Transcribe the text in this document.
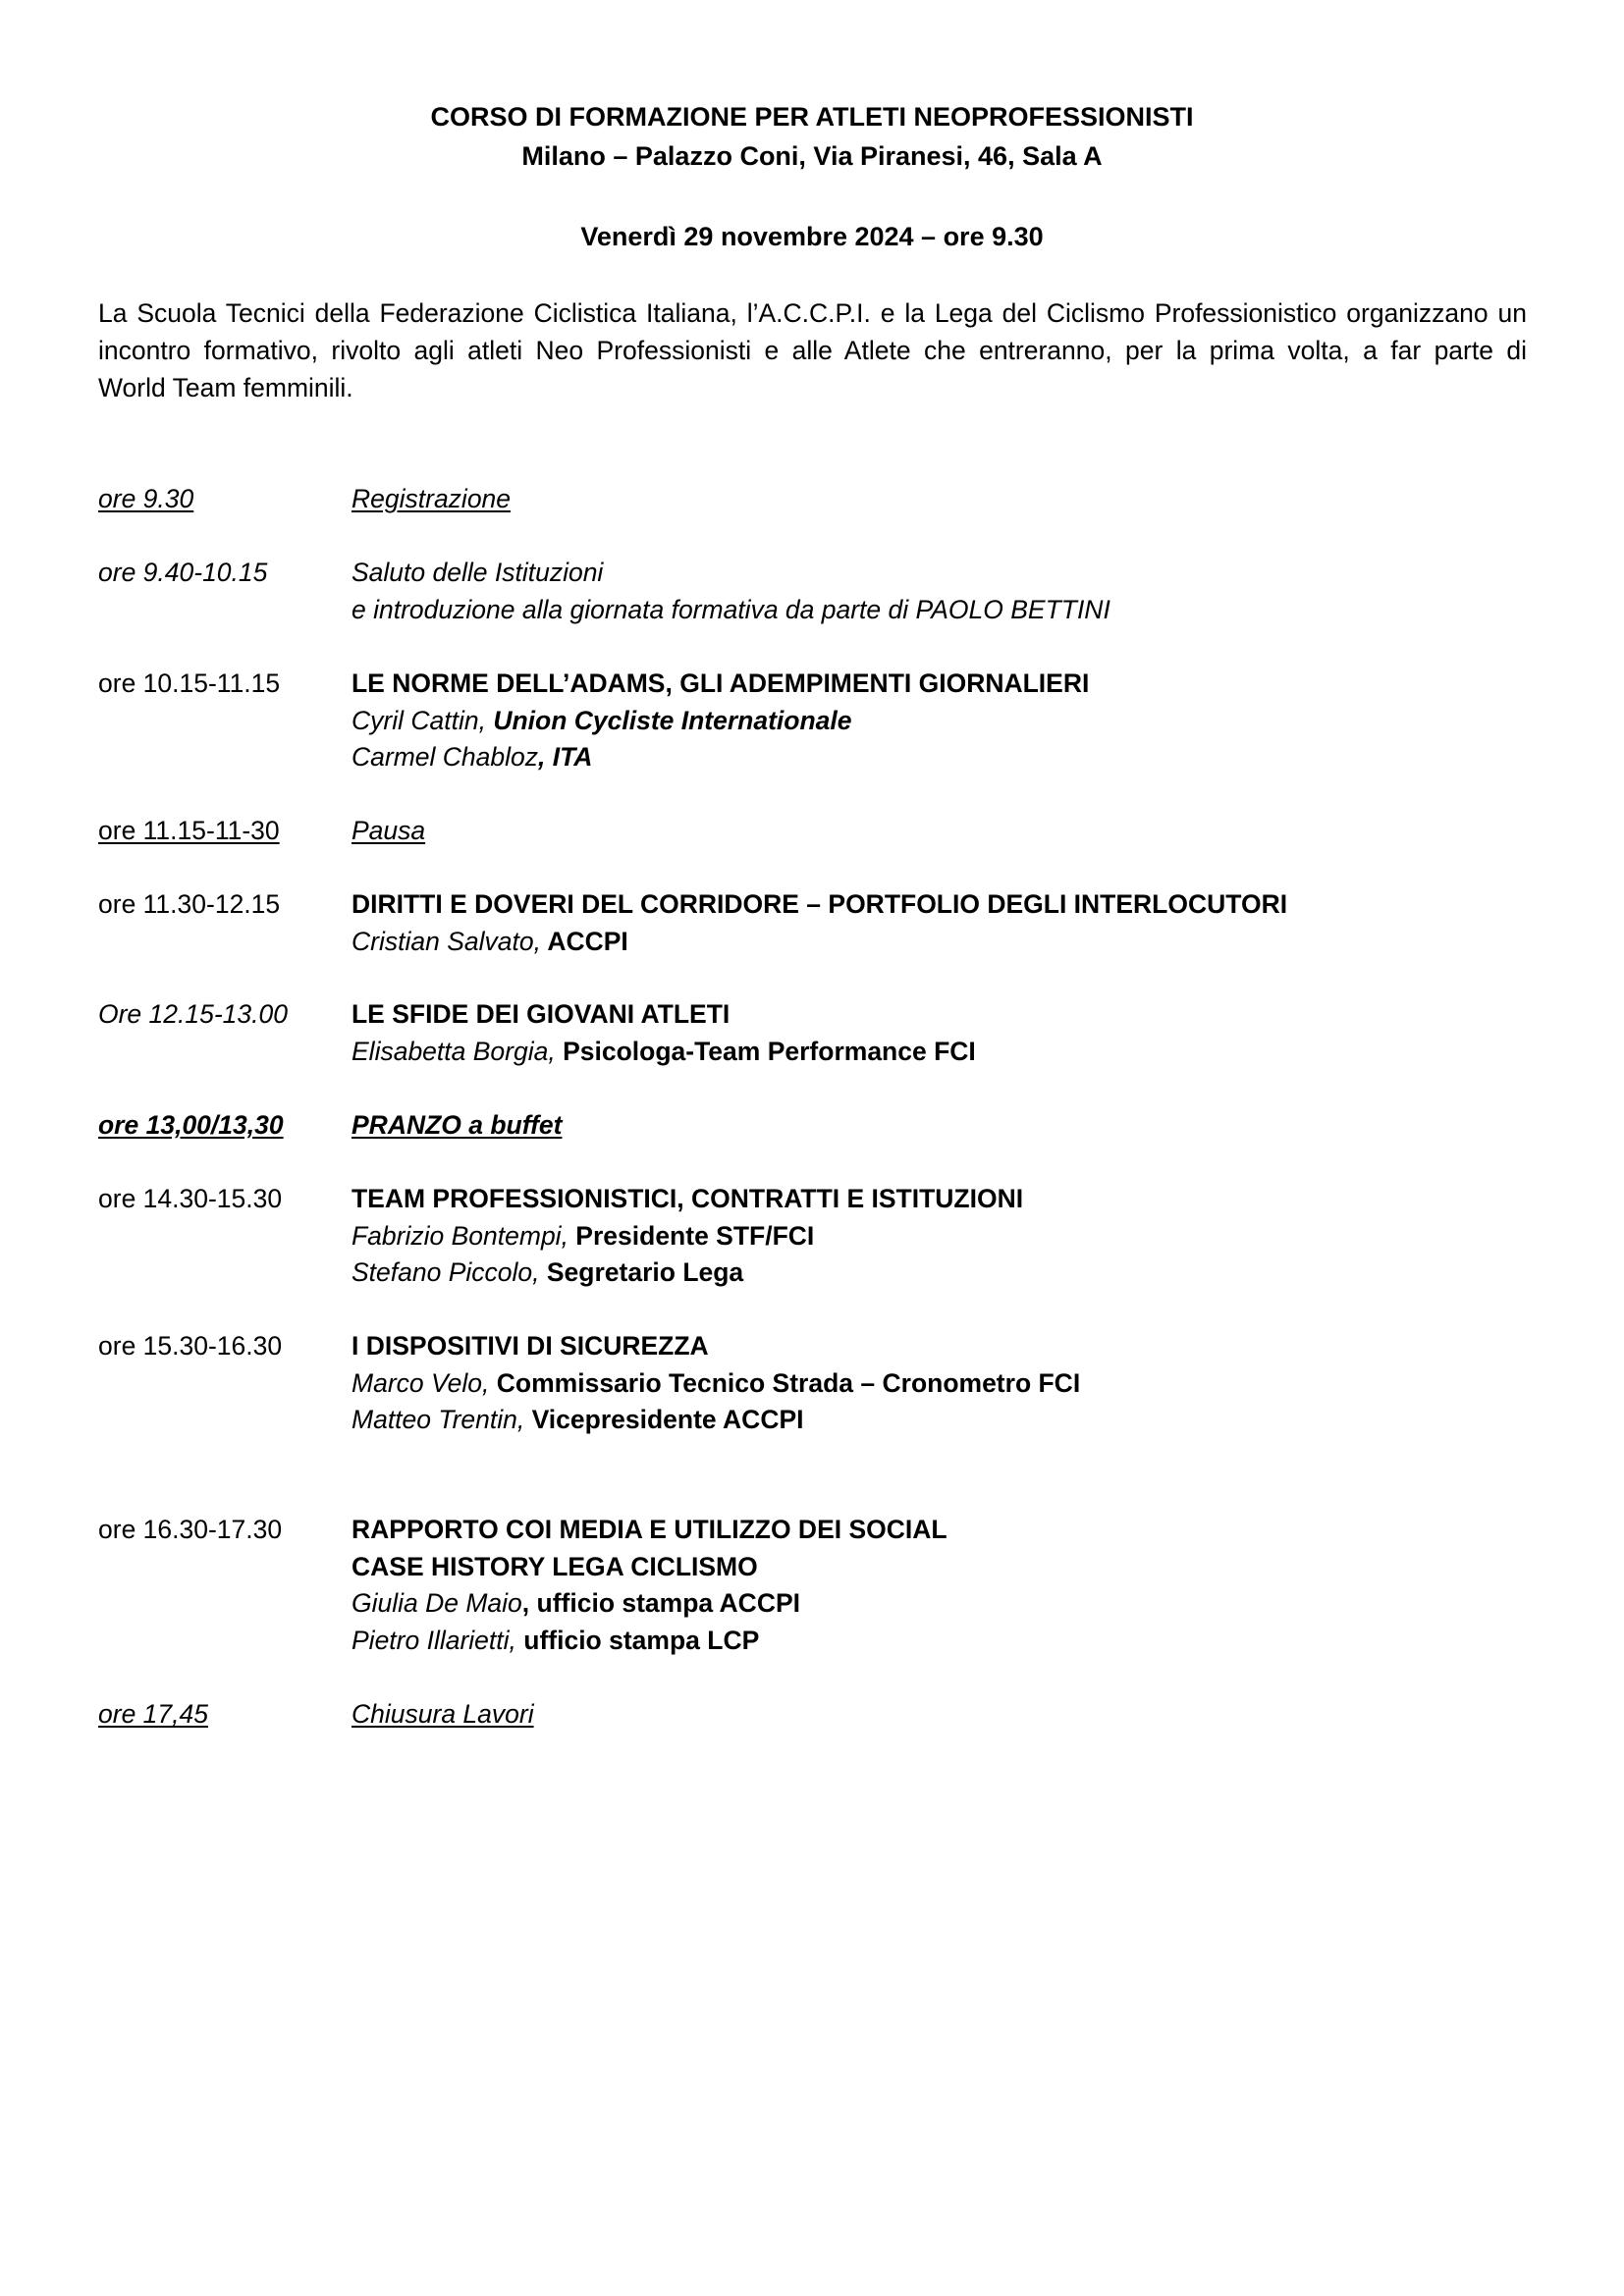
CORSO DI FORMAZIONE PER ATLETI NEOPROFESSIONISTI
Milano – Palazzo Coni, Via Piranesi, 46, Sala A
Venerdì 29 novembre 2024 – ore 9.30
La Scuola Tecnici della Federazione Ciclistica Italiana, l’A.C.C.P.I. e la Lega del Ciclismo Professionistico organizzano un
incontro formativo, rivolto agli atleti Neo Professionisti e alle Atlete che entreranno, per la prima volta, a far parte di
World Team femminili.
ore 9.30	Registrazione
ore 9.40-10.15	Saluto delle Istituzioni
e introduzione alla giornata formativa da parte di PAOLO BETTINI
ore 10.15-11.15	LE NORME DELL’ADAMS, GLI ADEMPIMENTI GIORNALIERI
Cyril Cattin, Union Cycliste Internationale
Carmel Chabloz, ITA
ore 11.15-11-30	Pausa
ore 11.30-12.15	DIRITTI E DOVERI DEL CORRIDORE – PORTFOLIO DEGLI INTERLOCUTORI
Cristian Salvato, ACCPI
Ore 12.15-13.00 LE SFIDE DEI GIOVANI ATLETI
Elisabetta Borgia, Psicologa-Team Performance FCI
ore 13,00/13,30	PRANZO a buffet
ore 14.30-15.30	TEAM PROFESSIONISTICI, CONTRATTI E ISTITUZIONI
Fabrizio Bontempi, Presidente STF/FCI
Stefano Piccolo, Segretario Lega
ore 15.30-16.30	I DISPOSITIVI DI SICUREZZA
Marco Velo, Commissario Tecnico Strada – Cronometro FCI
Matteo Trentin, Vicepresidente ACCPI
ore 16.30-17.30	RAPPORTO COI MEDIA E UTILIZZO DEI SOCIAL
CASE HISTORY LEGA CICLISMO
Giulia De Maio, ufficio stampa ACCPI
Pietro Illarietti, ufficio stampa LCP
ore 17,45	Chiusura Lavori
